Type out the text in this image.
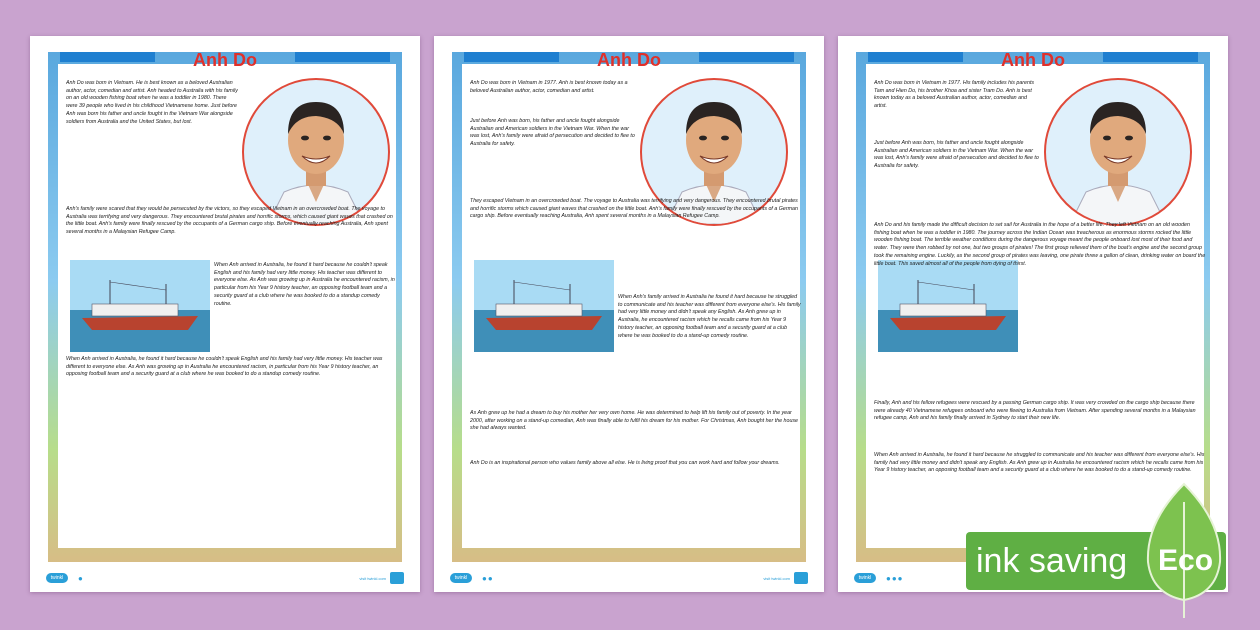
Anh Do

Anh Do was born in Vietnam. He is best known as a beloved Australian author, actor, comedian and artist. Anh headed to Australia with his family on an old wooden fishing boat when he was a toddler in 1980. There were 39 people who lived in his childhood Vietnamese home. Just before Anh was born his father and uncle fought in the Vietnam War alongside soldiers from Australia and the United States, but lost.

Anh's family were scared that they would be persecuted by the victors, so they escaped Vietnam in an overcrowded boat. The voyage to Australia was terrifying and very dangerous. They encountered brutal pirates and horrific storms, which caused giant waves that crashed on the little boat. Anh's family were finally rescued by the occupants of a German cargo ship. Before eventually reaching Australia, Anh spent several months in a Malaysian Refugee Camp.

When Anh arrived in Australia, he found it hard because he couldn't speak English and his family had very little money. His teacher was different to everyone else. As Anh was growing up in Australia he encountered racism, in particular from his Year 9 history teacher, an opposing football team and a security guard at a club where he was booked to do a standup comedy routine.

When Anh arrived in Australia, he found it hard because he couldn't speak English and his family had very little money. His teacher was different to everyone else. As Anh was growing up in Australia he encountered racism, in particular from his Year 9 history teacher, an opposing football team and a security guard at a club where he was booked to do a standup comedy routine.

twinkl	●	visit twinkl.com
Anh Do

Anh Do was born in Vietnam in 1977. Anh is best known today as a beloved Australian author, actor, comedian and artist.

Just before Anh was born, his father and uncle fought alongside Australian and American soldiers in the Vietnam War. When the war was lost, Anh's family were afraid of persecution and decided to flee to Australia for safety.

They escaped Vietnam in an overcrowded boat. The voyage to Australia was terrifying and very dangerous. They encountered brutal pirates and horrific storms which caused giant waves that crashed on the little boat. Anh's family were finally rescued by the occupants of a German cargo ship. Before eventually reaching Australia, Anh spent several months in a Malaysian Refugee Camp.

When Anh's family arrived in Australia he found it hard because he struggled to communicate and his teacher was different from everyone else's. His family had very little money and didn't speak any English. As Anh grew up in Australia, he encountered racism which he recalls came from his Year 9 history teacher, an opposing football team and a security guard at a club where he was booked to do a stand-up comedy routine.

As Anh grew up he had a dream to buy his mother her very own home. He was determined to help lift his family out of poverty. In the year 2000, after working on a stand-up comedian, Anh was finally able to fulfil his dream for his mother. For Christmas, Anh bought her the house she had always wanted.

Anh Do is an inspirational person who values family above all else. He is living proof that you can work hard and follow your dreams.

twinkl	●●	visit twinkl.com
Anh Do

Anh Do was born in Vietnam in 1977. His family includes his parents Tam and Hien Do, his brother Khoa and sister Tram Do. Anh is best known today as a beloved Australian author, actor, comedian and artist.

Just before Anh was born, his father and uncle fought alongside Australian and American soldiers in the Vietnam War. When the war was lost, Anh's family were afraid of persecution and decided to flee to Australia for safety.

Anh Do and his family made the difficult decision to set sail for Australia in the hope of a better life. They left Vietnam on an old wooden fishing boat when he was a toddler in 1980. The journey across the Indian Ocean was treacherous as enormous storms rocked the little wooden fishing boat. The terrible weather conditions during the dangerous voyage meant the people onboard lost most of their food and water. They were then robbed by not one, but two groups of pirates! The first group relieved them of the boat's engine and the second group took the remaining engine. Luckily, as the second group of pirates was leaving, one pirate threw a gallon of clean, drinking water on board the little boat. This saved almost all of the people from dying of thirst.

Finally, Anh and his fellow refugees were rescued by a passing German cargo ship. It was very crowded on the cargo ship because there were already 40 Vietnamese refugees onboard who were fleeing to Australia from Vietnam. After spending several months in a Malaysian refugee camp, Anh and his family finally arrived in Sydney to start their new life.

When Anh arrived in Australia, he found it hard because he struggled to communicate and his teacher was different from everyone else's. His family had very little money and didn't speak any English. As Anh grew up in Australia he encountered racism which he recalls came from his Year 9 history teacher, an opposing football team and a security guard at a club where he was booked to do a stand-up comedy routine.

twinkl	●●● ink saving Eco
